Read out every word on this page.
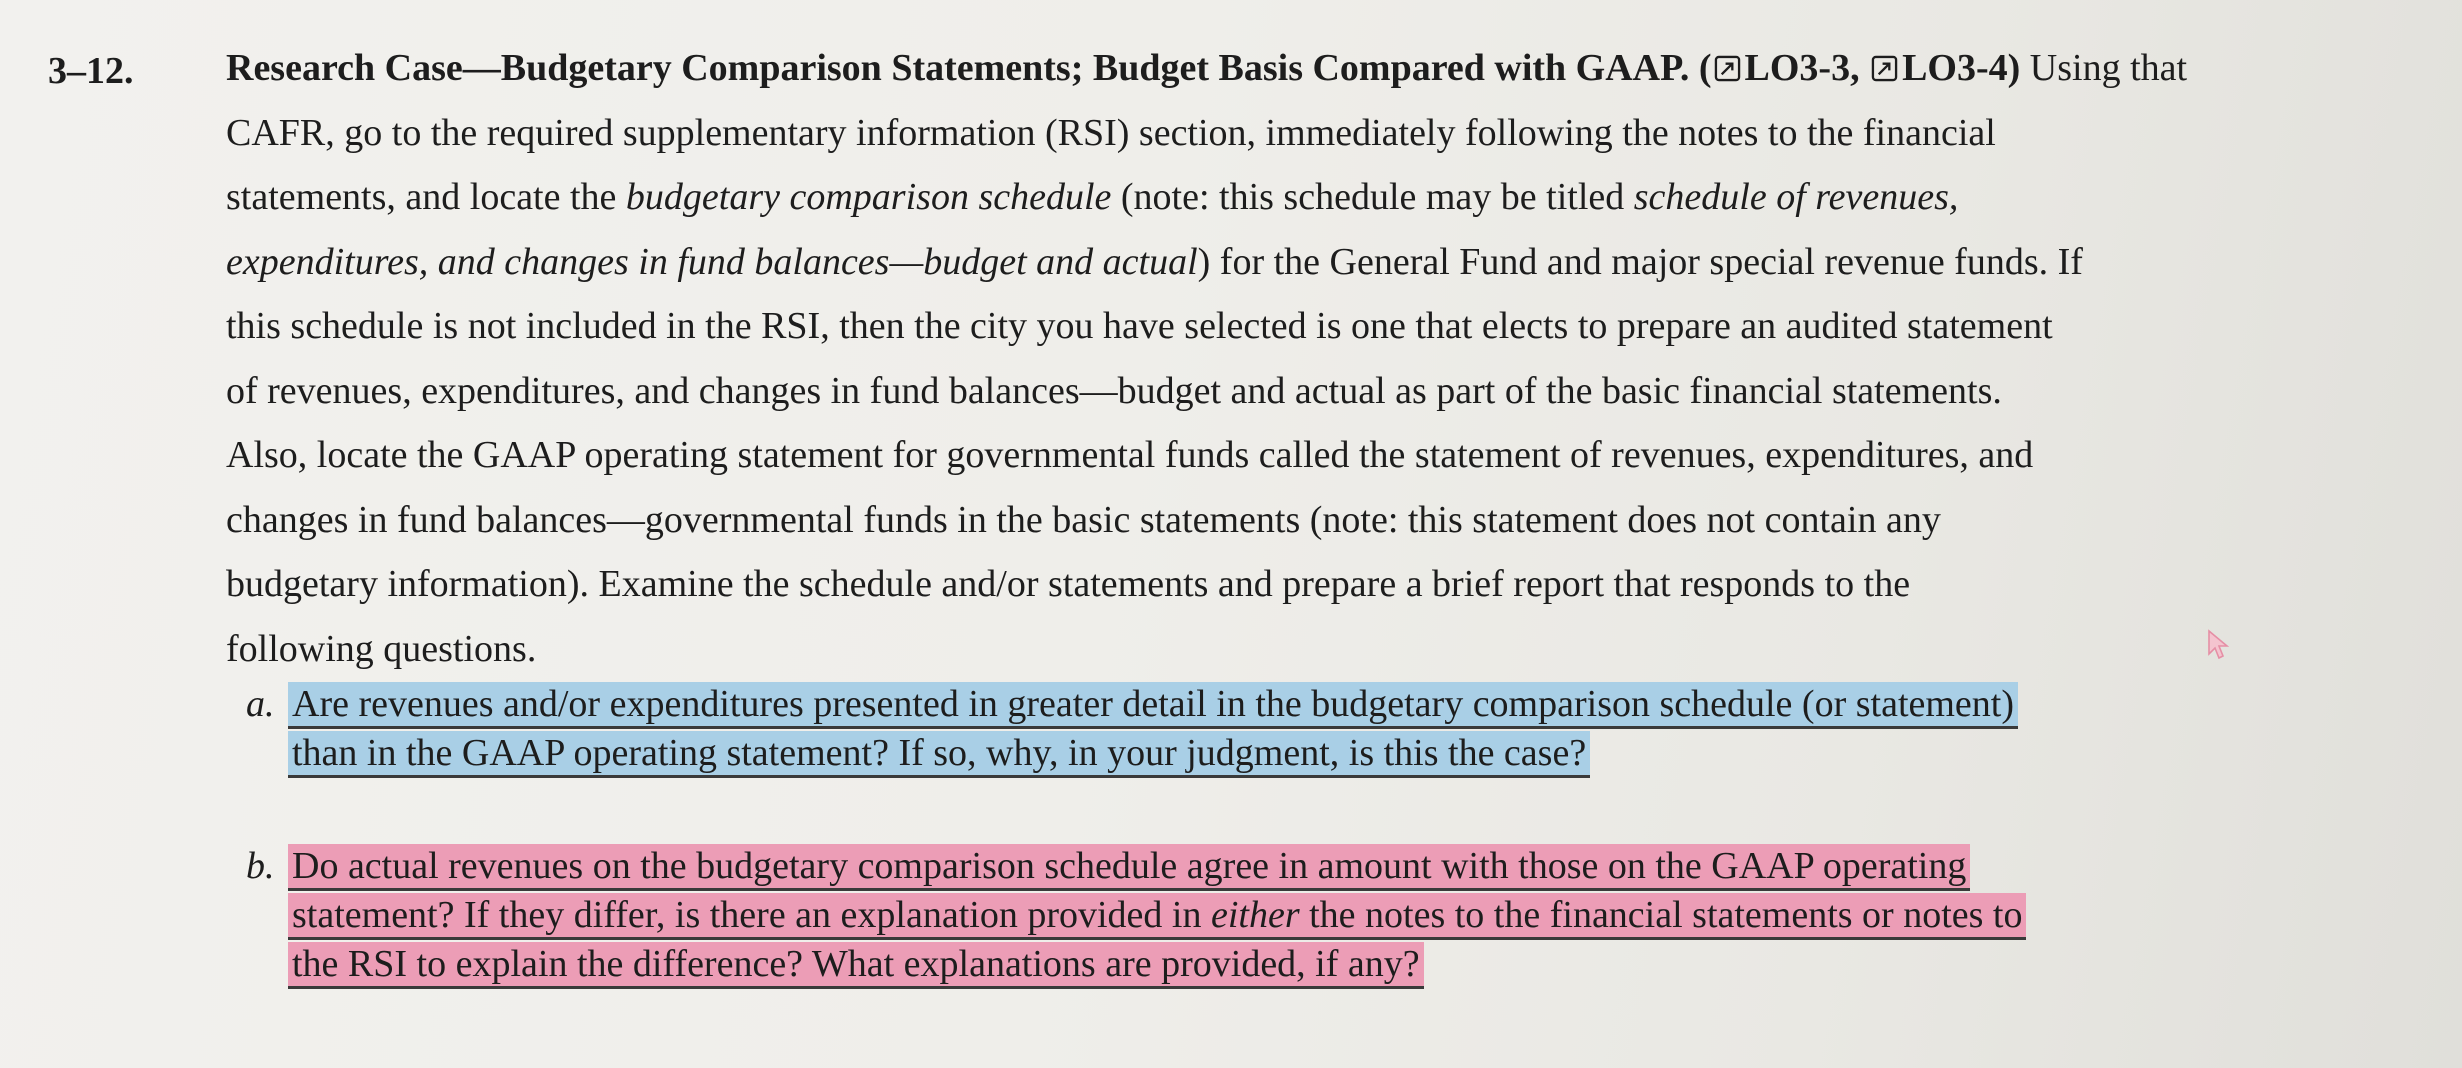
3–12. Research Case—Budgetary Comparison Statements; Budget Basis Compared with GAAP. ( LO3-3, LO3-4) Using that
CAFR, go to the required supplementary information (RSI) section, immediately following the notes to the financial
statements, and locate the budgetary comparison schedule (note: this schedule may be titled schedule of revenues,
expenditures, and changes in fund balances—budget and actual) for the General Fund and major special revenue funds. If
this schedule is not included in the RSI, then the city you have selected is one that elects to prepare an audited statement
of revenues, expenditures, and changes in fund balances—budget and actual as part of the basic financial statements.
Also, locate the GAAP operating statement for governmental funds called the statement of revenues, expenditures, and
changes in fund balances—governmental funds in the basic statements (note: this statement does not contain any
budgetary information). Examine the schedule and/or statements and prepare a brief report that responds to the
following questions.
a. Are revenues and/or expenditures presented in greater detail in the budgetary comparison schedule (or statement)
than in the GAAP operating statement? If so, why, in your judgment, is this the case?
b. Do actual revenues on the budgetary comparison schedule agree in amount with those on the GAAP operating
statement? If they differ, is there an explanation provided in either the notes to the financial statements or notes to
the RSI to explain the difference? What explanations are provided, if any?
